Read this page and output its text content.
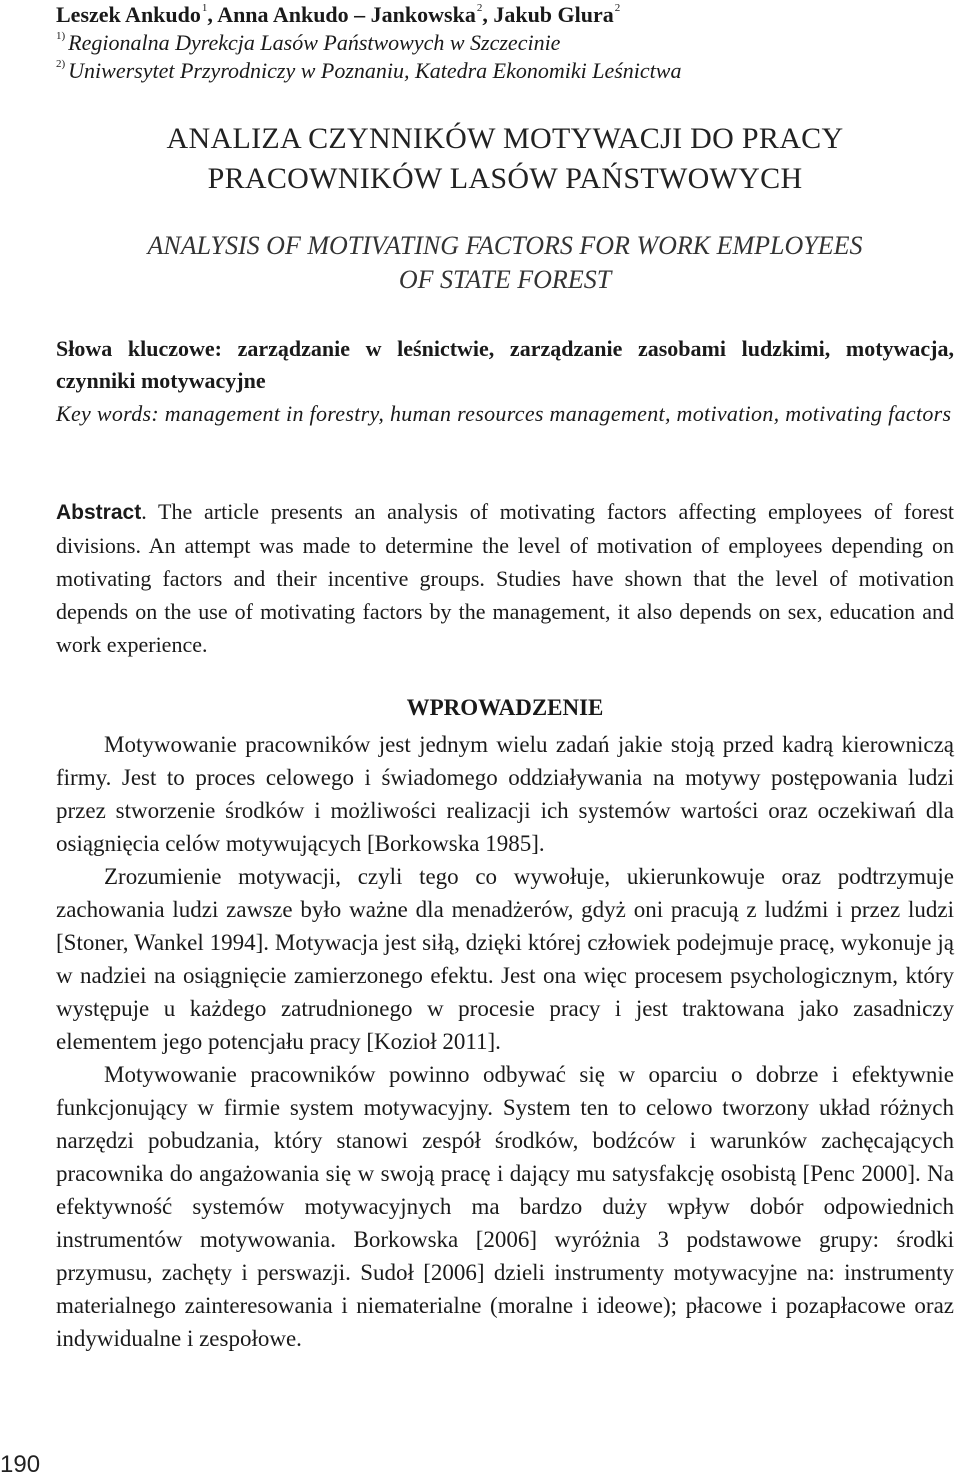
Leszek Ankudo$^1$, Anna Ankudo – Jankowska$^2$, Jakub Glura$^2$
$^{1)}$ Regionalna Dyrekcja Lasów Państwowych w Szczecinie
$^{2)}$ Uniwersytet Przyrodniczy w Poznaniu, Katedra Ekonomiki Leśnictwa
ANALIZA CZYNNIKÓW MOTYWACJI DO PRACY
PRACOWNIKÓW LASÓW PAŃSTWOWYCH
ANALYSIS OF MOTIVATING FACTORS FOR WORK EMPLOYEES
OF STATE FOREST
Słowa kluczowe: zarządzanie w leśnictwie, zarządzanie zasobami ludzkimi, motywacja, czynniki motywacyjne
Key words: management in forestry, human resources management, motivation, motivating factors
Abstract. The article presents an analysis of motivating factors affecting employees of forest divisions. An attempt was made to determine the level of motivation of employees depending on motivating factors and their incentive groups. Studies have shown that the level of motivation depends on the use of motivating factors by the management, it also depends on sex, education and work experience.
WPROWADZENIE

Motywowanie pracowników jest jednym wielu zadań jakie stoją przed kadrą kierowniczą firmy. Jest to proces celowego i świadomego oddziaływania na motywy postępowania ludzi przez stworzenie środków i możliwości realizacji ich systemów wartości oraz oczekiwań dla osiągnięcia celów motywujących [Borkowska 1985].

Zrozumienie motywacji, czyli tego co wywołuje, ukierunkowuje oraz podtrzymuje zachowania ludzi zawsze było ważne dla menadżerów, gdyż oni pracują z ludźmi i przez ludzi [Stoner, Wankel 1994]. Motywacja jest siłą, dzięki której człowiek podejmuje pracę, wykonuje ją w nadziei na osiągnięcie zamierzonego efektu. Jest ona więc procesem psychologicznym, który występuje u każdego zatrudnionego w procesie pracy i jest traktowana jako zasadniczy elementem jego potencjału pracy [Kozioł 2011].

Motywowanie pracowników powinno odbywać się w oparciu o dobrze i efektywnie funkcjonujący w firmie system motywacyjny. System ten to celowo tworzony układ różnych narzędzi pobudzania, który stanowi zespół środków, bodźców i warunków zachęcających pracownika do angażowania się w swoją pracę i dający mu satysfakcję osobistą [Penc 2000]. Na efektywność systemów motywacyjnych ma bardzo duży wpływ dobór odpowiednich instrumentów motywowania. Borkowska [2006] wyróżnia 3 podstawowe grupy: środki przymusu, zachęty i perswazji. Sudoł [2006] dzieli instrumenty motywacyjne na: instrumenty materialnego zainteresowania i niematerialne (moralne i ideowe); płacowe i pozapłacowe oraz indywidualne i zespołowe.

190
